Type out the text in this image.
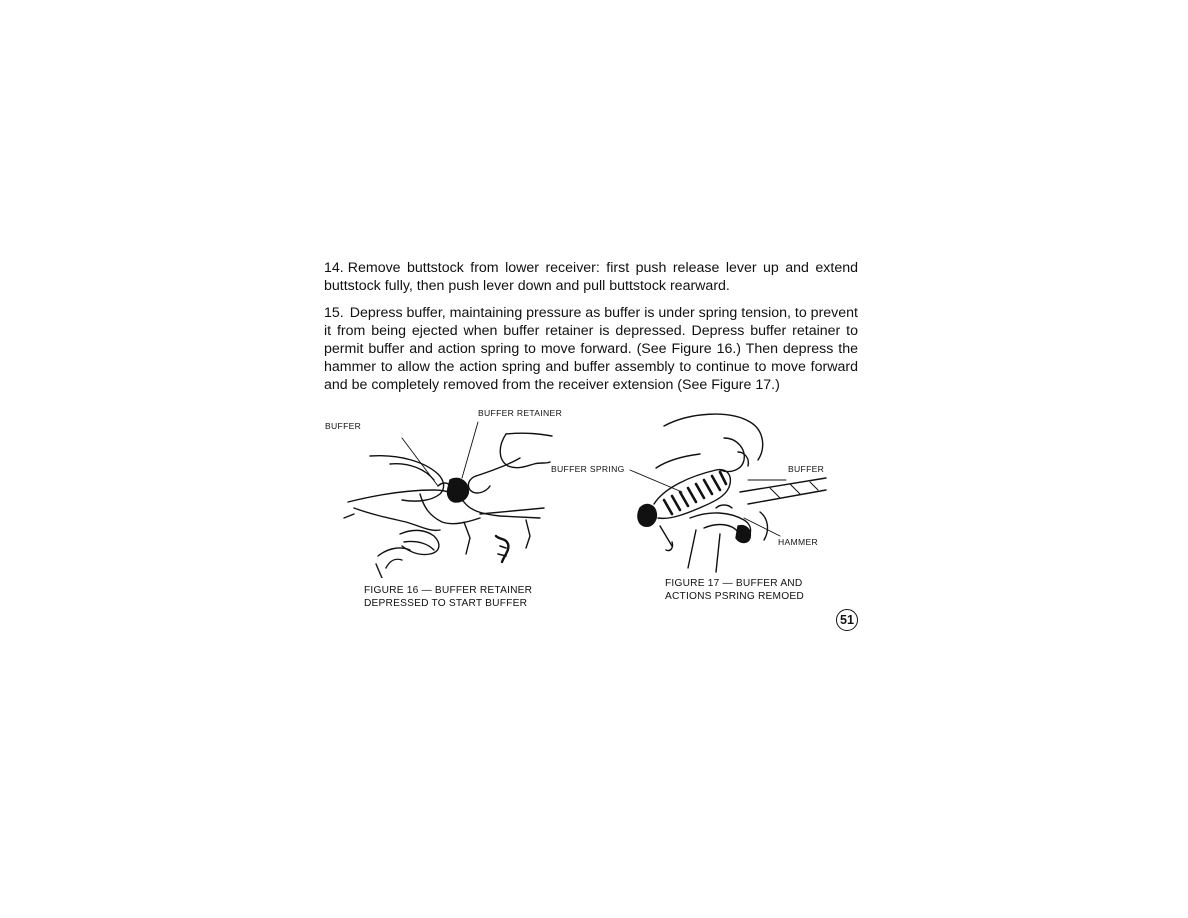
14. Remove buttstock from lower receiver: first push release lever up and extend buttstock fully, then push lever down and pull buttstock rearward.
15. Depress buffer, maintaining pressure as buffer is under spring tension, to prevent it from being ejected when buffer retainer is depressed. Depress buffer retainer to permit buffer and action spring to move forward. (See Figure 16.) Then depress the hammer to allow the action spring and buffer assembly to continue to move forward and be completely removed from the receiver extension (See Figure 17.)
BUFFER
BUFFER RETAINER
FIGURE 16 — BUFFER RETAINER
DEPRESSED TO START BUFFER
BUFFER SPRING	BUFFER
HAMMER
FIGURE 17 — BUFFER AND
ACTIONS PSRING REMOED
51
